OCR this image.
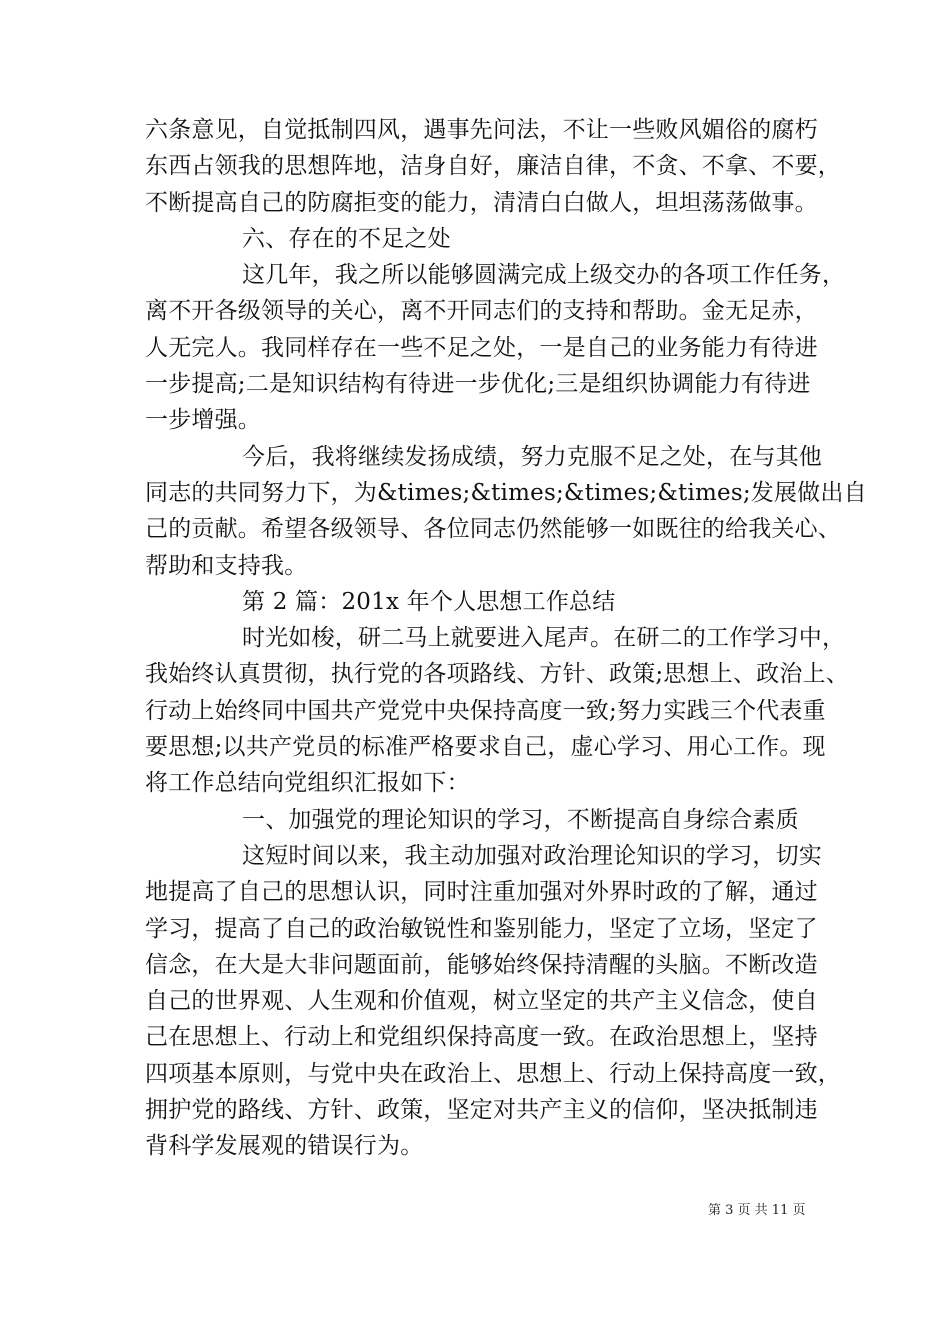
六条意见，自觉抵制四风，遇事先问法，不让一些败风媚俗的腐朽
东西占领我的思想阵地，洁身自好，廉洁自律，不贪、不拿、不要，
不断提高自己的防腐拒变的能力，清清白白做人，坦坦荡荡做事。
六、存在的不足之处
这几年，我之所以能够圆满完成上级交办的各项工作任务，
离不开各级领导的关心，离不开同志们的支持和帮助。金无足赤，
人无完人。我同样存在一些不足之处，一是自己的业务能力有待进
一步提高;二是知识结构有待进一步优化;三是组织协调能力有待进
一步增强。
今后，我将继续发扬成绩，努力克服不足之处，在与其他
同志的共同努力下，为&times;&times;&times;&times;发展做出自
己的贡献。希望各级领导、各位同志仍然能够一如既往的给我关心、
帮助和支持我。
第 2 篇：201x 年个人思想工作总结
时光如梭，研二马上就要进入尾声。在研二的工作学习中，
我始终认真贯彻，执行党的各项路线、方针、政策;思想上、政治上、
行动上始终同中国共产党党中央保持高度一致;努力实践三个代表重
要思想;以共产党员的标准严格要求自己，虚心学习、用心工作。现
将工作总结向党组织汇报如下：
一、加强党的理论知识的学习，不断提高自身综合素质
这短时间以来，我主动加强对政治理论知识的学习，切实
地提高了自己的思想认识，同时注重加强对外界时政的了解，通过
学习，提高了自己的政治敏锐性和鉴别能力，坚定了立场，坚定了
信念，在大是大非问题面前，能够始终保持清醒的头脑。不断改造
自己的世界观、人生观和价值观，树立坚定的共产主义信念，使自
己在思想上、行动上和党组织保持高度一致。在政治思想上，坚持
四项基本原则，与党中央在政治上、思想上、行动上保持高度一致，
拥护党的路线、方针、政策，坚定对共产主义的信仰，坚决抵制违
背科学发展观的错误行为。
第 3 页 共 11 页
